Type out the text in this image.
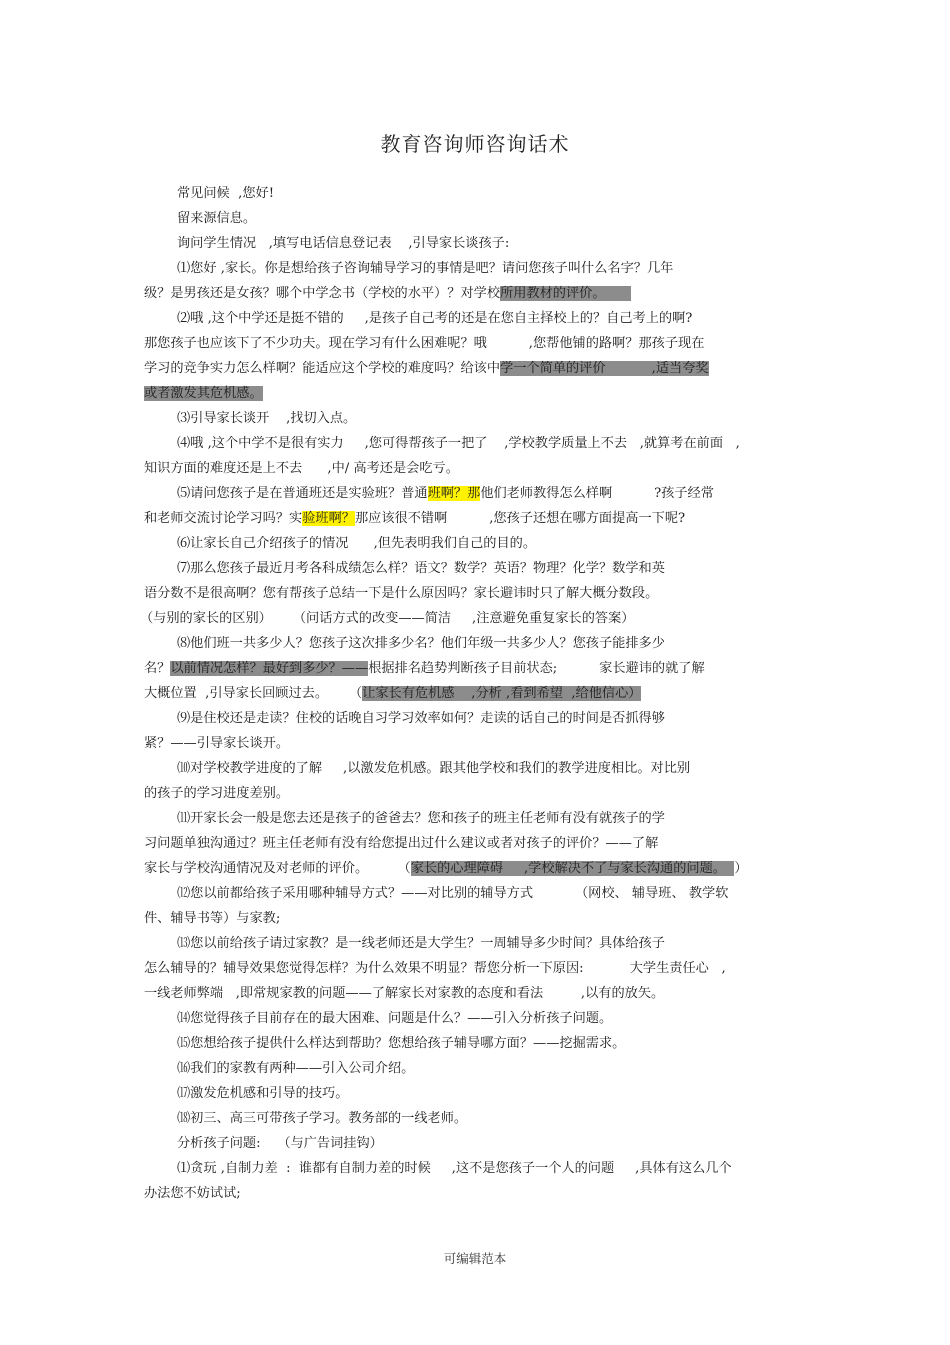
教育咨询师咨询话术
常见问候  ,您好!
留来源信息。
询问学生情况   ,填写电话信息登记表    ,引导家长谈孩子:
⑴您好 ,家长。你是想给孩子咨询辅导学习的事情是吧？请问您孩子叫什么名字？几年
级？是男孩还是女孩？哪个中学念书（学校的水平）？对学校所用教材的评价。
⑵哦 ,这个中学还是挺不错的     ,是孩子自己考的还是在您自主择校上的？自己考上的啊?
那您孩子也应该下了不少功夫。现在学习有什么困难呢？哦          ,您帮他铺的路啊？那孩子现在
学习的竞争实力怎么样啊？能适应这个学校的难度吗？给该中学一个简单的评价           ,适当夸奖
或者激发其危机感。
⑶引导家长谈开    ,找切入点。
⑷哦 ,这个中学不是很有实力     ,您可得帮孩子一把了    ,学校教学质量上不去   ,就算考在前面   ,
知识方面的难度还是上不去      ,中/ 高考还是会吃亏。
⑸请问您孩子是在普通班还是实验班？普通班啊？那他们老师教得怎么样啊          ?孩子经常
和老师交流讨论学习吗？实验班啊？那应该很不错啊          ,您孩子还想在哪方面提高一下呢?
⑹让家长自己介绍孩子的情况      ,但先表明我们自己的目的。
⑺那么您孩子最近月考各科成绩怎么样？语文？数学？英语？物理？化学？数学和英
语分数不是很高啊？您有帮孩子总结一下是什么原因吗？家长避讳时只了解大概分数段。
（与别的家长的区别）     （问话方式的改变——简洁     ,注意避免重复家长的答案）
⑻他们班一共多少人？您孩子这次排多少名？他们年级一共多少人？您孩子能排多少
名？以前情况怎样？最好到多少？——根据排名趋势判断孩子目前状态;          家长避讳的就了解
大概位置  ,引导家长回顾过去。     （让家长有危机感    ,分析 ,看到希望  ,给他信心）
⑼是住校还是走读？住校的话晚自习学习效率如何？走读的话自己的时间是否抓得够
紧？——引导家长谈开。
⑽对学校教学进度的了解     ,以激发危机感。跟其他学校和我们的教学进度相比。对比别
的孩子的学习进度差别。
⑾开家长会一般是您去还是孩子的爸爸去？您和孩子的班主任老师有没有就孩子的学
习问题单独沟通过？班主任老师有没有给您提出过什么建议或者对孩子的评价？——了解
家长与学校沟通情况及对老师的评价。       （家长的心理障碍     ,学校解决不了与家长沟通的问题。  ）
⑿您以前都给孩子采用哪种辅导方式？——对比别的辅导方式          （网校、 辅导班、 教学软
件、辅导书等）与家教;
⒀您以前给孩子请过家教？是一线老师还是大学生？一周辅导多少时间？具体给孩子
怎么辅导的？辅导效果您觉得怎样？为什么效果不明显？帮您分析一下原因:           大学生责任心   ,
一线老师弊端   ,即常规家教的问题——了解家长对家教的态度和看法         ,以有的放矢。
⒁您觉得孩子目前存在的最大困难、问题是什么？——引入分析孩子问题。
⒂您想给孩子提供什么样达到帮助？您想给孩子辅导哪方面？——挖掘需求。
⒃我们的家教有两种——引入公司介绍。
⒄激发危机感和引导的技巧。
⒅初三、高三可带孩子学习。教务部的一线老师。
分析孩子问题:    （与广告词挂钩）
⑴贪玩 ,自制力差  :  谁都有自制力差的时候     ,这不是您孩子一个人的问题     ,具体有这么几个
办法您不妨试试;
可编辑范本
